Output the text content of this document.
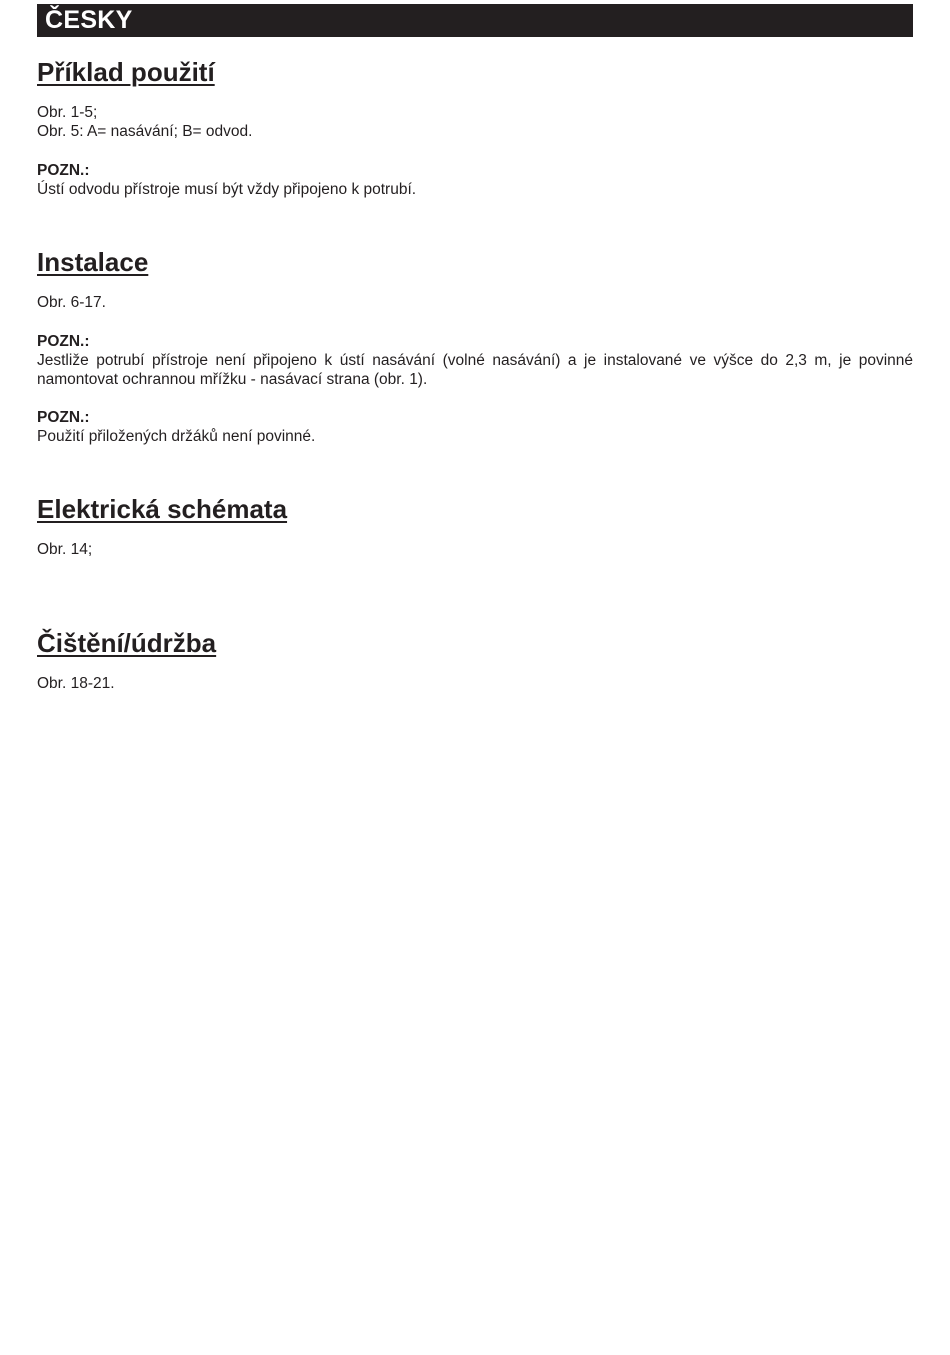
ČESKY
Příklad použití

Obr. 1-5;

Obr. 5: A= nasávání; B= odvod.

POZN.:

Ústí odvodu přístroje musí být vždy připojeno k potrubí.

Instalace

Obr. 6-17.

POZN.:

Jestliže potrubí přístroje není připojeno k ústí nasávání (volné nasávání) a je instalované ve výšce do 2,3 m, je povinné namontovat ochrannou mřížku - nasávací strana (obr. 1).

POZN.:

Použití přiložených držáků není povinné.

Elektrická schémata

Obr. 14;

Čištění/údržba

Obr. 18-21.
